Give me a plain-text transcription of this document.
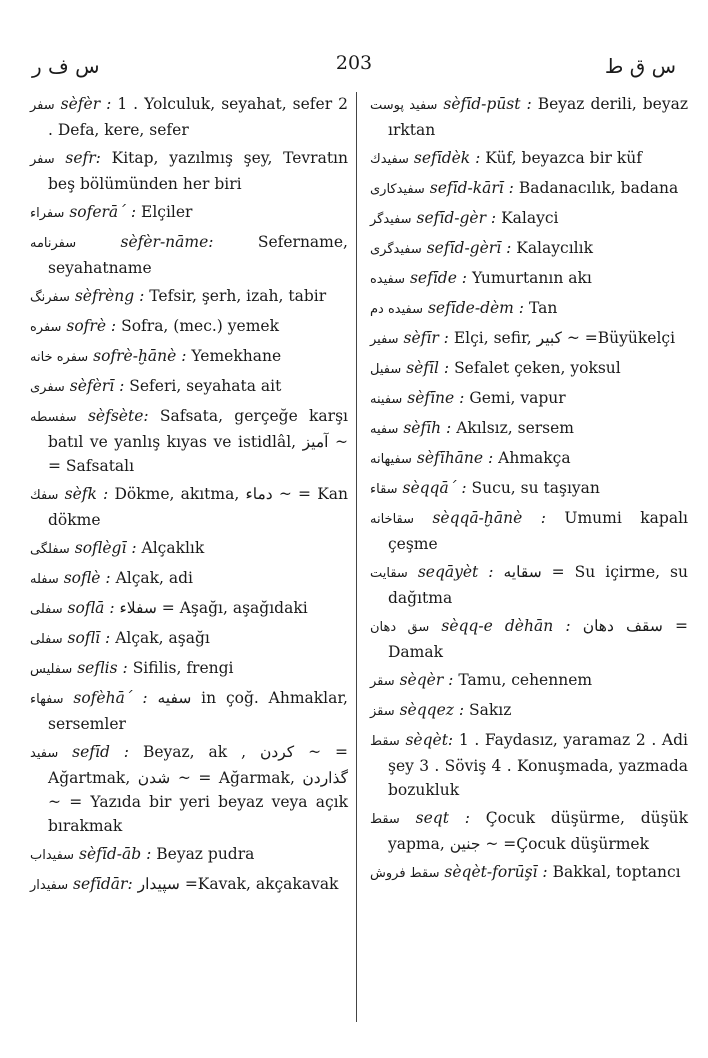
س ف ر	203	س ق ط
سفر sèfèr : 1 . Yolculuk, seyahat, sefer 2 . Defa, kere, sefer
سفر sefr: Kitap, yazılmış şey, Tevratın beş bölümünden her biri
سفراء soferā´ : Elçiler
سفرنامه	sèfèr-nāme:	Sefername, seyahatname
سفرنگ sèfrèng : Tefsir, şerh, izah, tabir
سفره sofrè : Sofra, (mec.) yemek
سفره خانه sofrè-ḫānè : Yemekhane
سفرى sèfèrī : Seferi, seyahata ait
سفسطه sèfsète: Safsata, gerçeğe karşı batıl ve yanlış kıyas ve istidlâl, آميز ~ = Safsatalı
سفك sèfk : Dökme, akıtma, دماء ~ = Kan dökme
سفلگى soflègī : Alçaklık
سفله soflè : Alçak, adi
سفلى soflā : سفلاء = Aşağı, aşağıdaki
سفلى soflī : Alçak, aşağı
سفليس seflis : Sifilis, frengi
سفهاء sofèhā´ : سفيه in çoğ. Ahmaklar, sersemler
سفيد sefīd : Beyaz, ak , كردن ~ = Ağartmak, شدن ~ = Ağarmak, گذاردن ~ = Yazıda bir yeri beyaz veya açık bırakmak
سفيداب sèfīd-āb : Beyaz pudra
سفيدار sefīdār: سپيدار =Kavak, akçakavak
سفيد پوست sèfīd-pūst : Beyaz derili, beyaz ırktan
سفيدك sefīdèk : Küf, beyazca bir küf
سفيدكارى sefīd-kārī : Badanacılık, badana
سفيدگر sefīd-gèr : Kalayci
سفيدگرى sefīd-gèrī : Kalaycılık
سفيده sefīde : Yumurtanın akı
سفيده دم sefīde-dèm : Tan
سفير sèfīr : Elçi, sefir, كبير ~ =Büyükelçi
سفيل sèfīl : Sefalet çeken, yoksul
سفينه sèfīne : Gemi, vapur
سفيه sèfīh : Akılsız, sersem
سفيهانه sèfīhāne : Ahmakça
سقاء sèqqā´ : Sucu, su taşıyan
سقاخانه sèqqā-ḫānè : Umumi kapalı çeşme
سقايت seqāyèt : سقايه = Su içirme, su dağıtma
سق دهان sèqq-e dèhān : سقف دهان = Damak
سقر sèqèr : Tamu, cehennem
سقز sèqqez : Sakız
سقط sèqèt: 1 . Faydasız, yaramaz 2 . Adi şey 3 . Söviş 4 . Konuşmada, yazmada bozukluk
سقط seqt : Çocuk düşürme, düşük yapma, جنين ~ =Çocuk düşürmek
سقط فروش sèqèt-forūşī : Bakkal, toptancı
